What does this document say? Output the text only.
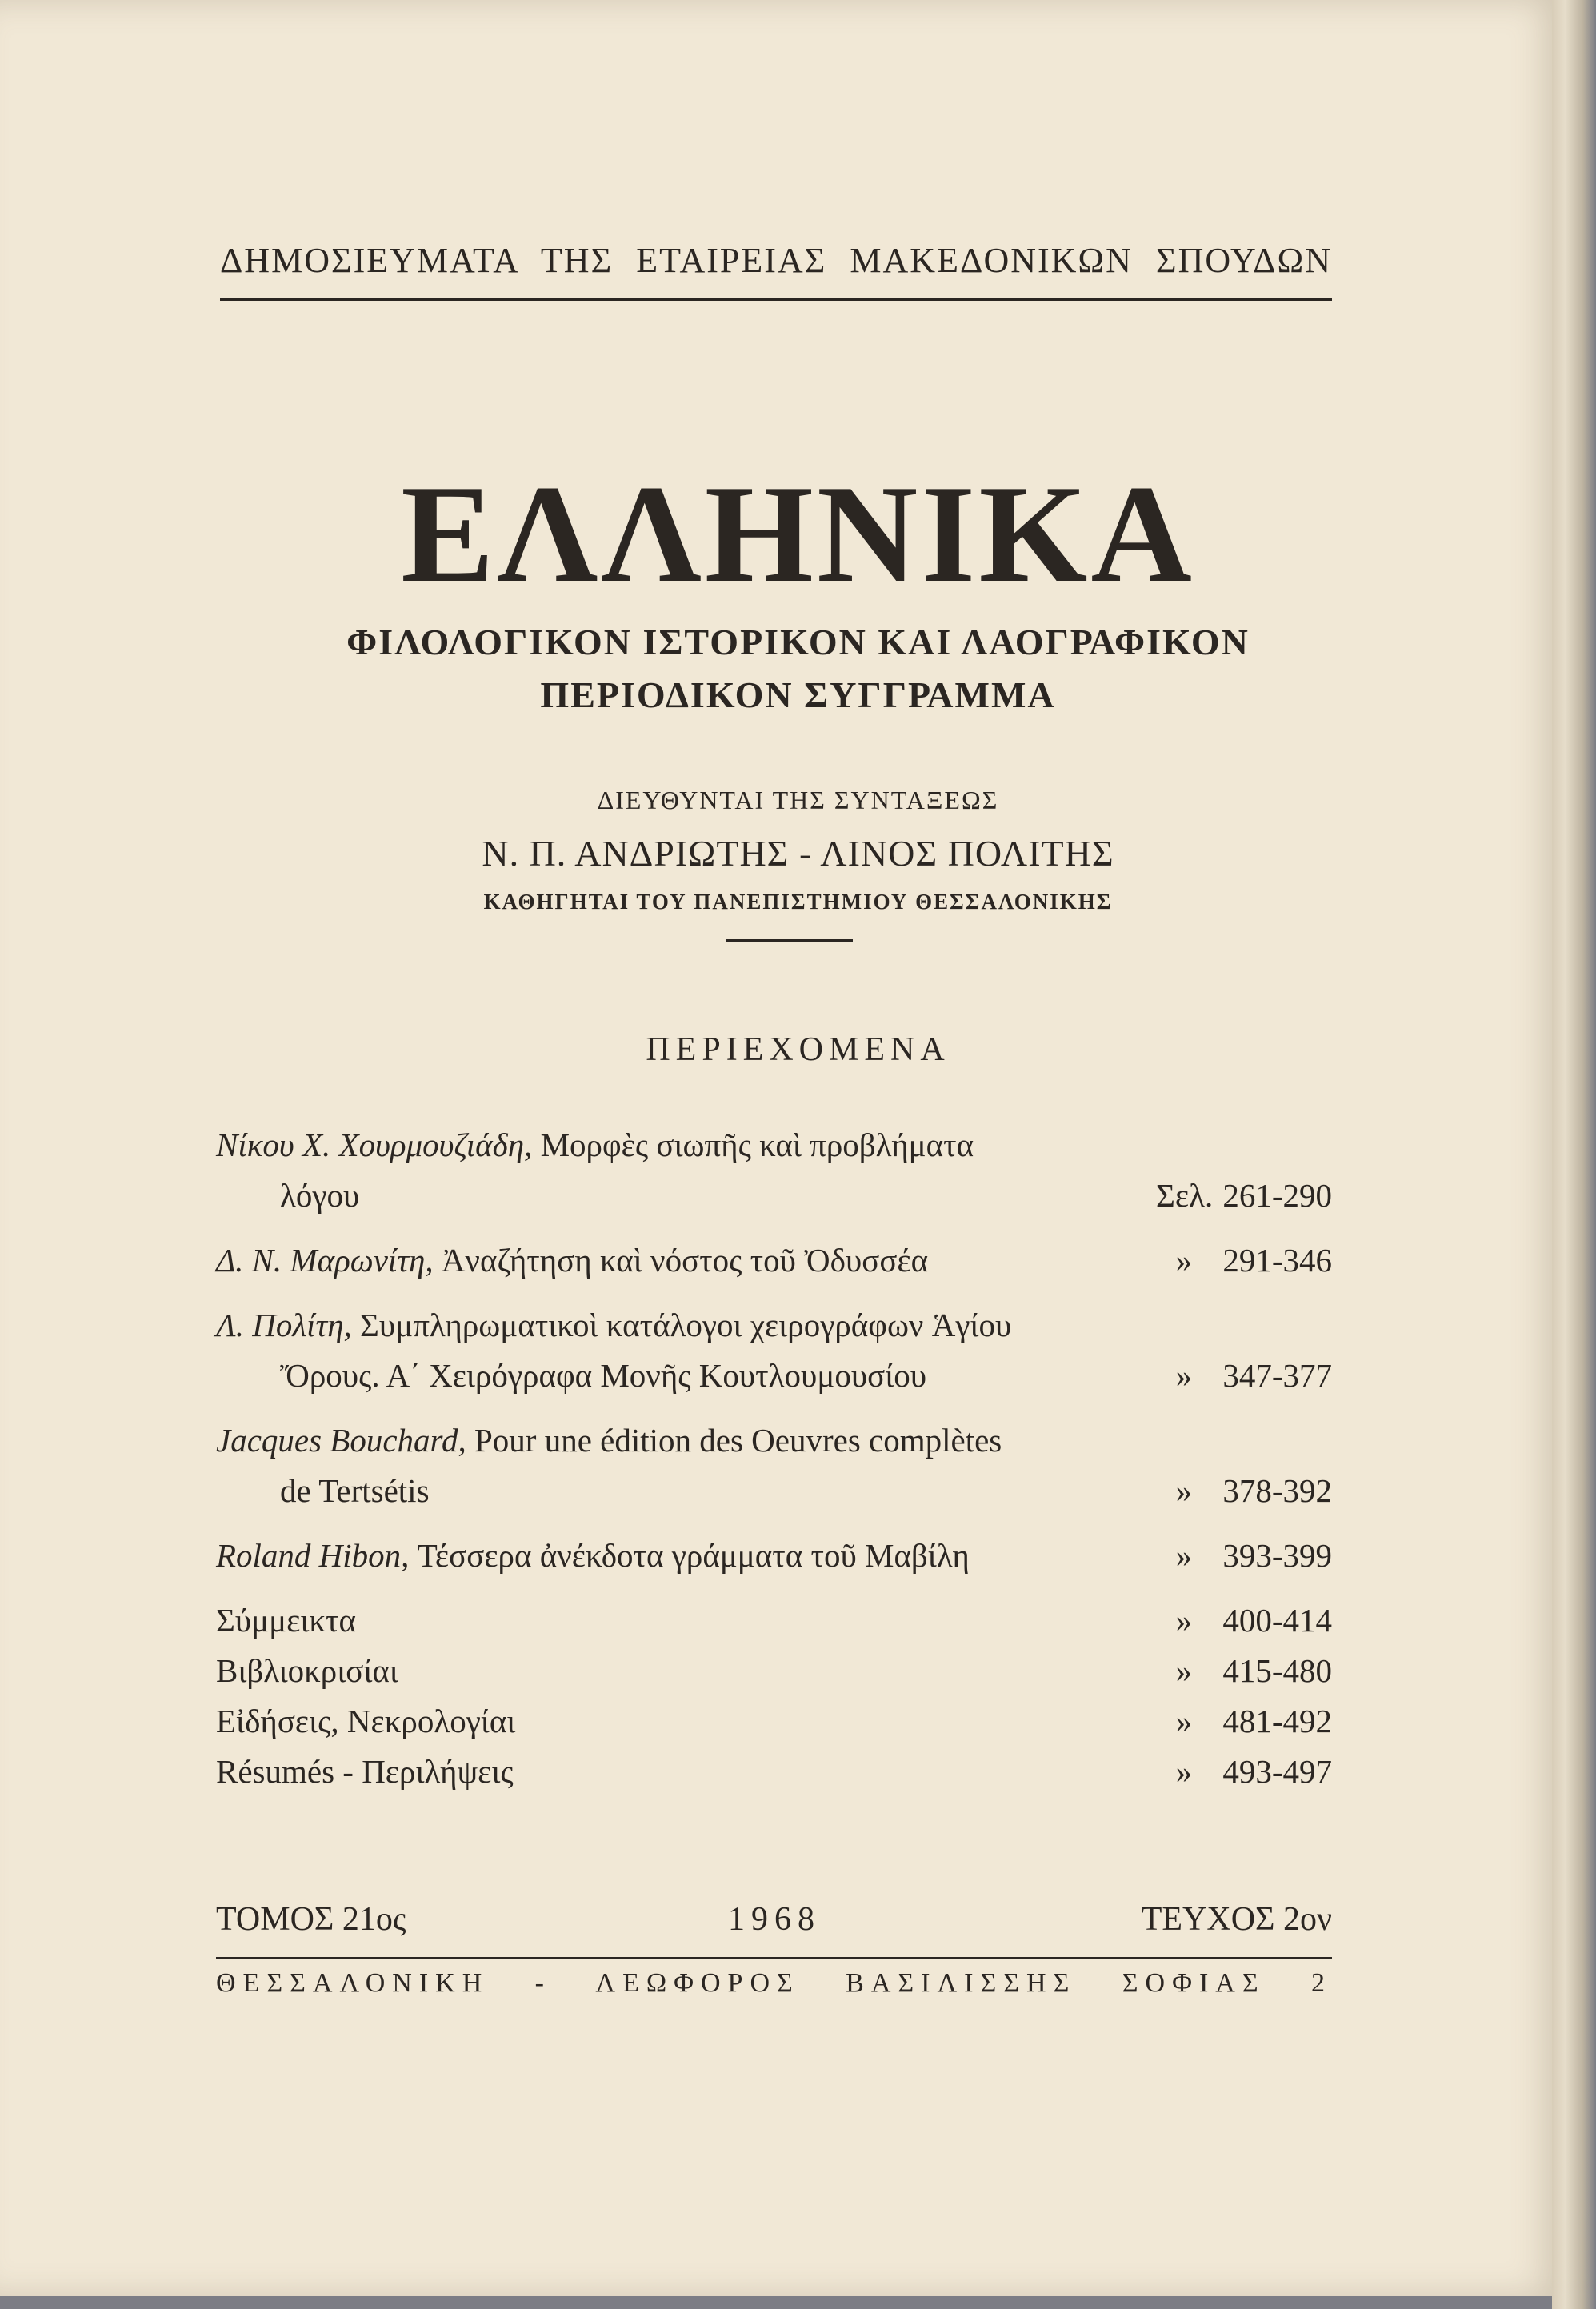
ΔΗΜΟΣΙΕΥΜΑΤΑ ΤΗΣ ΕΤΑΙΡΕΙΑΣ ΜΑΚΕΔΟΝΙΚΩΝ ΣΠΟΥΔΩΝ
ΕΛΛΗΝΙΚΑ
ΦΙΛΟΛΟΓΙΚΟΝ ΙΣΤΟΡΙΚΟΝ ΚΑΙ ΛΑΟΓΡΑΦΙΚΟΝ
ΠΕΡΙΟΔΙΚΟΝ ΣΥΓΓΡΑΜΜΑ
ΔΙΕΥΘΥΝΤΑΙ ΤΗΣ ΣΥΝΤΑΞΕΩΣ
Ν. Π. ΑΝΔΡΙΩΤΗΣ - ΛΙΝΟΣ ΠΟΛΙΤΗΣ
ΚΑΘΗΓΗΤΑΙ ΤΟΥ ΠΑΝΕΠΙΣΤΗΜΙΟΥ ΘΕΣΣΑΛΟΝΙΚΗΣ
ΠΕΡΙΕΧΟΜΕΝΑ
Νίκου Χ. Χουρμουζιάδη, Μορφὲς σιωπῆς καὶ προβλήματα
λόγου	Σελ. 261-290
Δ. Ν. Μαρωνίτη, Ἀναζήτηση καὶ νόστος τοῦ Ὀδυσσέα	» 291-346
Λ. Πολίτη, Συμπληρωματικοὶ κατάλογοι χειρογράφων Ἁγίου
Ὄρους. Α΄ Χειρόγραφα Μονῆς Κουτλουμουσίου	» 347-377
Jacques Bouchard, Pour une édition des Oeuvres complètes
de Tertsétis	» 378-392
Roland Hibon, Τέσσερα ἀνέκδοτα γράμματα τοῦ Μαβίλη	» 393-399
Σύμμεικτα	» 400-414
Βιβλιοκρισίαι	» 415-480
Εἰδήσεις, Νεκρολογίαι	» 481-492
Résumés - Περιλήψεις	» 493-497
ΤΟΜΟΣ 21ος	1968	ΤΕΥΧΟΣ 2ον
ΘΕΣΣΑΛΟΝΙΚΗ - ΛΕΩΦΟΡΟΣ ΒΑΣΙΛΙΣΣΗΣ ΣΟΦΙΑΣ 2
